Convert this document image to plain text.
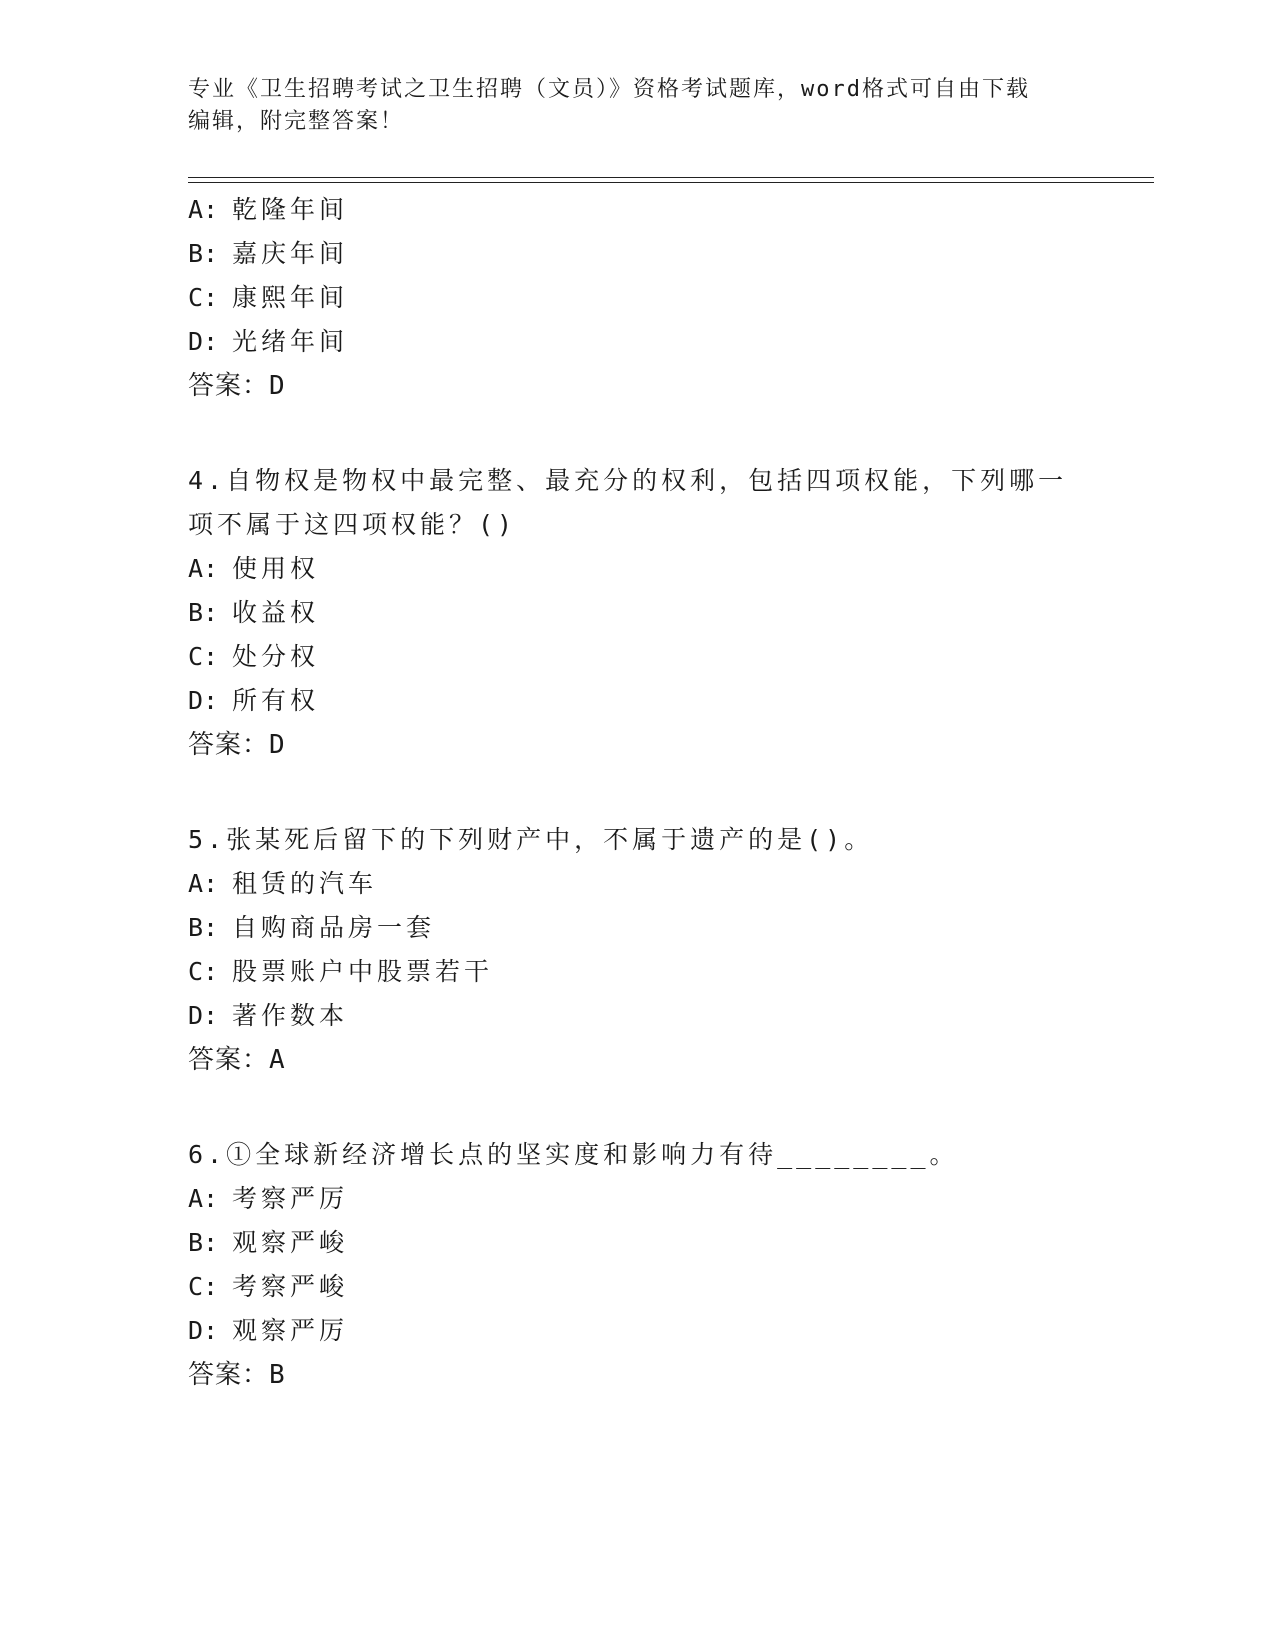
专业《卫生招聘考试之卫生招聘（文员）》资格考试题库，word格式可自由下载
编辑，附完整答案！
A: 乾隆年间
B: 嘉庆年间
C: 康熙年间
D: 光绪年间
答案：D
4.自物权是物权中最完整、最充分的权利，包括四项权能，下列哪一
项不属于这四项权能？()
A: 使用权
B: 收益权
C: 处分权
D: 所有权
答案：D
5.张某死后留下的下列财产中，不属于遗产的是()。
A: 租赁的汽车
B: 自购商品房一套
C: 股票账户中股票若干
D: 著作数本
答案：A
6.①全球新经济增长点的坚实度和影响力有待________。
A: 考察严厉
B: 观察严峻
C: 考察严峻
D: 观察严厉
答案：B
